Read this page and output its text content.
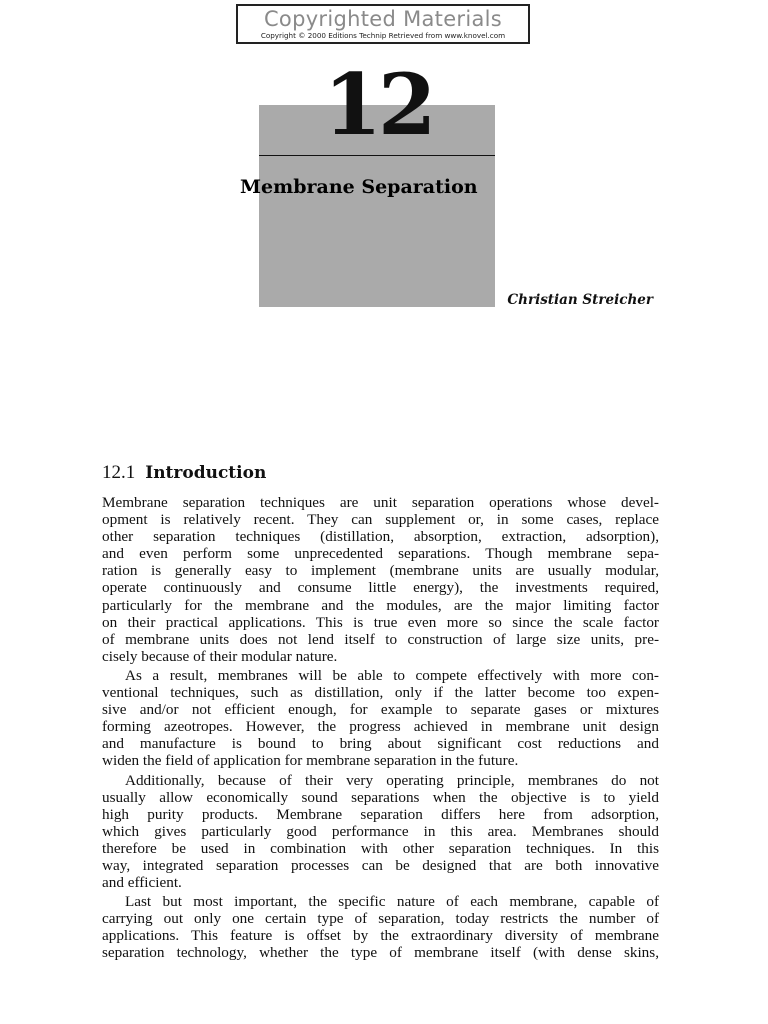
Copyrighted Materials
Copyright © 2000 Editions Technip Retrieved from www.knovel.com
12
Membrane Separation
Christian Streicher
12.1 Introduction

Membrane separation techniques are unit separation operations whose devel-
opment is relatively recent. They can supplement or, in some cases, replace
other separation techniques (distillation, absorption, extraction, adsorption),
and even perform some unprecedented separations. Though membrane sepa-
ration is generally easy to implement (membrane units are usually modular,
operate continuously and consume little energy), the investments required,
particularly for the membrane and the modules, are the major limiting factor
on their practical applications. This is true even more so since the scale factor
of membrane units does not lend itself to construction of large size units, pre-
cisely because of their modular nature.

As a result, membranes will be able to compete effectively with more con-
ventional techniques, such as distillation, only if the latter become too expen-
sive and/or not efficient enough, for example to separate gases or mixtures
forming azeotropes. However, the progress achieved in membrane unit design
and manufacture is bound to bring about significant cost reductions and
widen the field of application for membrane separation in the future.

Additionally, because of their very operating principle, membranes do not
usually allow economically sound separations when the objective is to yield
high purity products. Membrane separation differs here from adsorption,
which gives particularly good performance in this area. Membranes should
therefore be used in combination with other separation techniques. In this
way, integrated separation processes can be designed that are both innovative
and efficient.

Last but most important, the specific nature of each membrane, capable of
carrying out only one certain type of separation, today restricts the number of
applications. This feature is offset by the extraordinary diversity of membrane
separation technology, whether the type of membrane itself (with dense skins,
